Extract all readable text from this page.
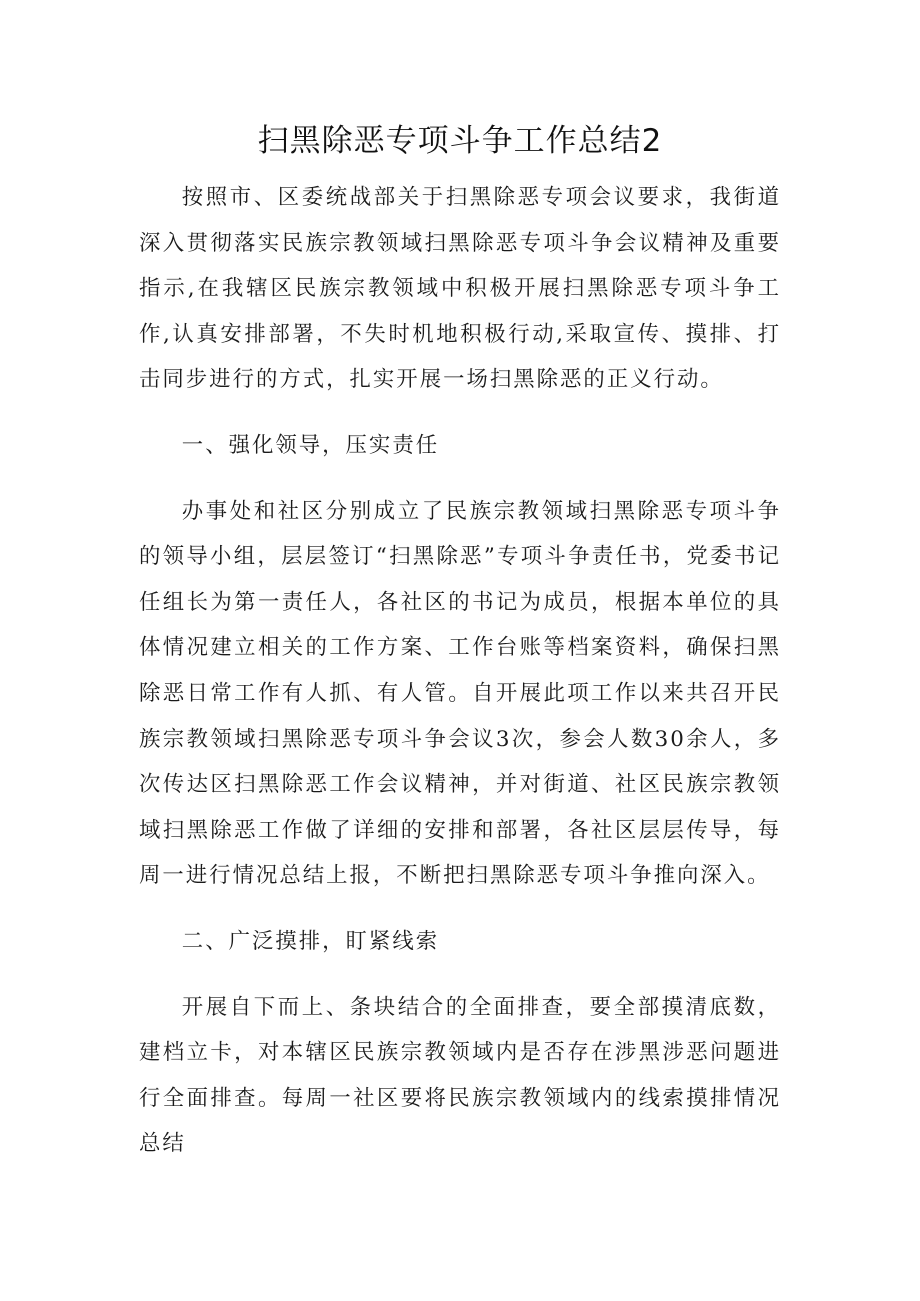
扫黑除恶专项斗争工作总结2

按照市、区委统战部关于扫黑除恶专项会议要求，我街道深入贯彻落实民族宗教领域扫黑除恶专项斗争会议精神及重要指示,在我辖区民族宗教领域中积极开展扫黑除恶专项斗争工作,认真安排部署，不失时机地积极行动,采取宣传、摸排、打击同步进行的方式，扎实开展一场扫黑除恶的正义行动。

一、强化领导，压实责任

办事处和社区分别成立了民族宗教领域扫黑除恶专项斗争的领导小组，层层签订“扫黑除恶”专项斗争责任书，党委书记任组长为第一责任人，各社区的书记为成员，根据本单位的具体情况建立相关的工作方案、工作台账等档案资料，确保扫黑除恶日常工作有人抓、有人管。自开展此项工作以来共召开民族宗教领域扫黑除恶专项斗争会议3次，参会人数30余人，多次传达区扫黑除恶工作会议精神，并对街道、社区民族宗教领域扫黑除恶工作做了详细的安排和部署，各社区层层传导，每周一进行情况总结上报，不断把扫黑除恶专项斗争推向深入。

二、广泛摸排，盯紧线索

开展自下而上、条块结合的全面排查，要全部摸清底数，建档立卡，对本辖区民族宗教领域内是否存在涉黑涉恶问题进行全面排查。每周一社区要将民族宗教领域内的线索摸排情况总结
